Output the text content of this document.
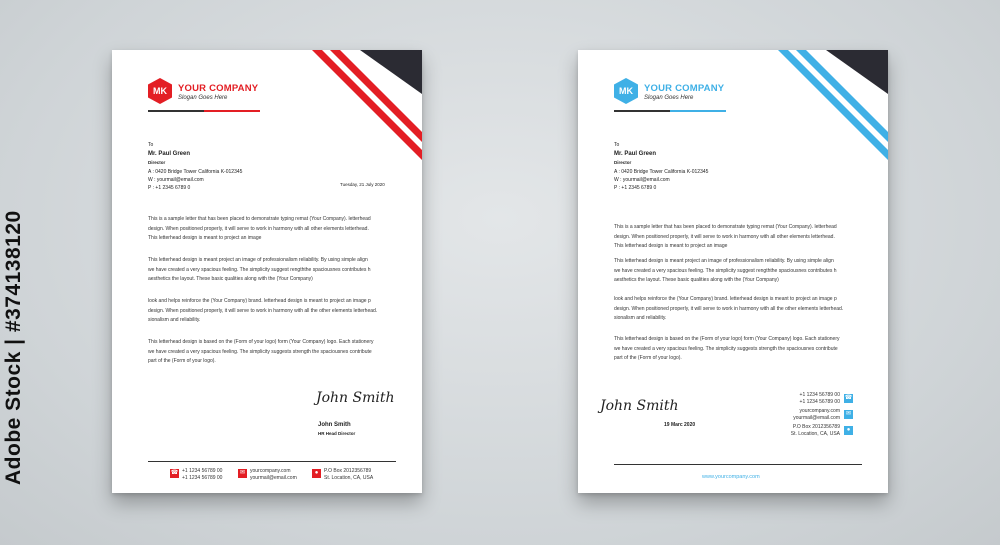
Adobe Stock | #374138120
MK	YOUR COMPANY
Slogan Goes Here
To
Mr. Paul Green
Director
A : 0420 Bridge Tower California K-012345
W : yourmail@email.com
P : +1 2345 6789 0
Tuesday, 21 July 2020
This is a sample letter that has been placed to demonstrate typing remat (Your Company). letterhead
design. When positioned properly, it will serve to work in harmony with all other elements letterhead.
This letterhead design is meant to project an image
This letterhead design is meant project an image of professionalism reliability. By using simple align
we have created a very spacious feeling. The simplicity suggest rengththe spaciousnes contributes h
aesthetics the layout. These basic qualities along with the (Your Company)
look and helps reinforce the (Your Company) brand. letterhead design is meant to project an image p
design. When positioned properly, it will serve to work in harmony with all the other elements letterhead.
sionalism and reliability.
This letterhead design is based on the (Form of your logo) form (Your Company) logo. Each stationery
we have created a very spacious feeling. The simplicity suggests strength the spaciousnes contribute
part of the (Form of your logo).
John Smith
John Smith
HR Head Director
☎ +1 1234 56789 00
+1 1234 56789 00
✉ yourcompany.com
yourmail@email.com
●	P.O Box 2012356789
St. Location, CA, USA
MK	YOUR COMPANY
Slogan Goes Here
To
Mr. Paul Green
Director
A : 0420 Bridge Tower California K-012345
W : yourmail@email.com
P : +1 2345 6789 0
This is a sample letter that has been placed to demonstrate typing remat (Your Company). letterhead
design. When positioned properly, it will serve to work in harmony with all other elements letterhead.
This letterhead design is meant to project an image
This letterhead design is meant project an image of professionalism reliability. By using simple align
we have created a very spacious feeling. The simplicity suggest rengththe spaciousnes contributes h
aesthetics the layout. These basic qualities along with the (Your Company)
look and helps reinforce the (Your Company) brand. letterhead design is meant to project an image p
design. When positioned properly, it will serve to work in harmony with all the other elements letterhead.
sionalism and reliability.
This letterhead design is based on the (Form of your logo) form (Your Company) logo. Each stationery
we have created a very spacious feeling. The simplicity suggests strength the spaciousnes contribute
part of the (Form of your logo).
John Smith
19 Marc 2020
+1 1234 56789 00
+1 1234 56789 00
☎
yourcompany.com
yourmail@email.com
✉
P.O Box 2012356789
St. Location, CA, USA
●
www.yourcompany.com
